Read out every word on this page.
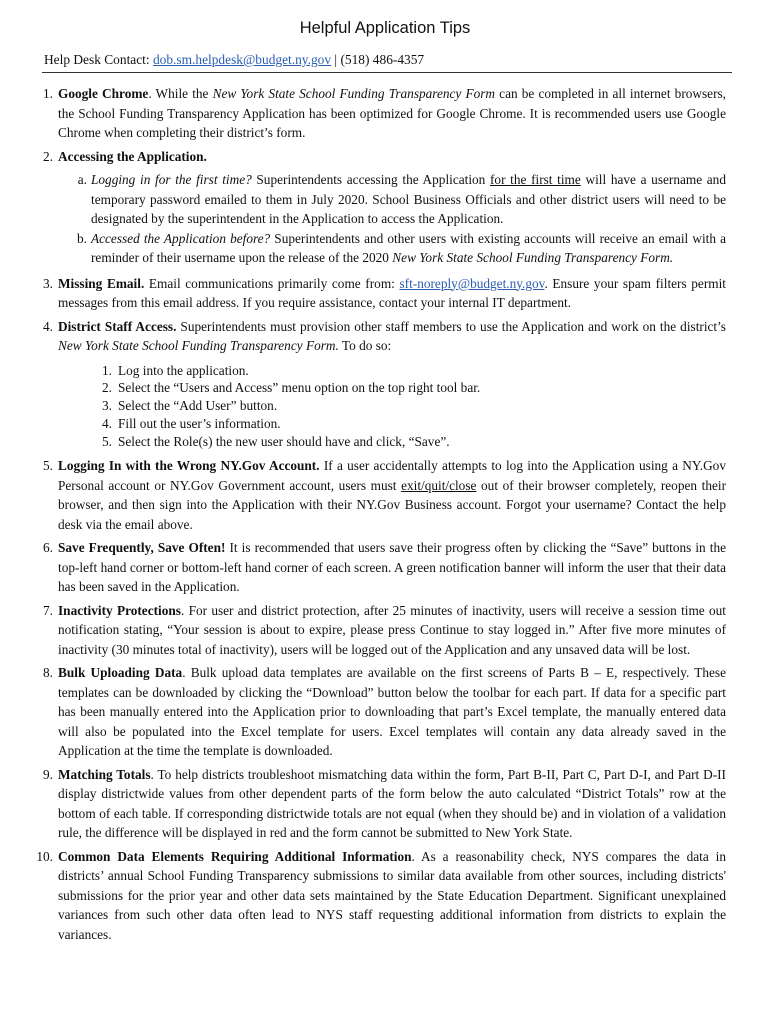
Helpful Application Tips
Help Desk Contact: dob.sm.helpdesk@budget.ny.gov | (518) 486-4357
1. Google Chrome. While the New York State School Funding Transparency Form can be completed in all internet browsers, the School Funding Transparency Application has been optimized for Google Chrome. It is recommended users use Google Chrome when completing their district’s form.
2. Accessing the Application.
a. Logging in for the first time? Superintendents accessing the Application for the first time will have a username and temporary password emailed to them in July 2020. School Business Officials and other district users will need to be designated by the superintendent in the Application to access the Application.
b. Accessed the Application before? Superintendents and other users with existing accounts will receive an email with a reminder of their username upon the release of the 2020 New York State School Funding Transparency Form.
3. Missing Email. Email communications primarily come from: sft-noreply@budget.ny.gov. Ensure your spam filters permit messages from this email address. If you require assistance, contact your internal IT department.
4. District Staff Access. Superintendents must provision other staff members to use the Application and work on the district’s New York State School Funding Transparency Form. To do so:
1. Log into the application.
2. Select the “Users and Access” menu option on the top right tool bar.
3. Select the “Add User” button.
4. Fill out the user’s information.
5. Select the Role(s) the new user should have and click, “Save”.
5. Logging In with the Wrong NY.Gov Account. If a user accidentally attempts to log into the Application using a NY.Gov Personal account or NY.Gov Government account, users must exit/quit/close out of their browser completely, reopen their browser, and then sign into the Application with their NY.Gov Business account. Forgot your username? Contact the help desk via the email above.
6. Save Frequently, Save Often! It is recommended that users save their progress often by clicking the “Save” buttons in the top-left hand corner or bottom-left hand corner of each screen. A green notification banner will inform the user that their data has been saved in the Application.
7. Inactivity Protections. For user and district protection, after 25 minutes of inactivity, users will receive a session time out notification stating, “Your session is about to expire, please press Continue to stay logged in.” After five more minutes of inactivity (30 minutes total of inactivity), users will be logged out of the Application and any unsaved data will be lost.
8. Bulk Uploading Data. Bulk upload data templates are available on the first screens of Parts B – E, respectively. These templates can be downloaded by clicking the “Download” button below the toolbar for each part. If data for a specific part has been manually entered into the Application prior to downloading that part’s Excel template, the manually entered data will also be populated into the Excel template for users. Excel templates will contain any data already saved in the Application at the time the template is downloaded.
9. Matching Totals. To help districts troubleshoot mismatching data within the form, Part B-II, Part C, Part D-I, and Part D-II display districtwide values from other dependent parts of the form below the auto calculated “District Totals” row at the bottom of each table. If corresponding districtwide totals are not equal (when they should be) and in violation of a validation rule, the difference will be displayed in red and the form cannot be submitted to New York State.
10. Common Data Elements Requiring Additional Information. As a reasonability check, NYS compares the data in districts’ annual School Funding Transparency submissions to similar data available from other sources, including districts' submissions for the prior year and other data sets maintained by the State Education Department. Significant unexplained variances from such other data often lead to NYS staff requesting additional information from districts to explain the variances.
